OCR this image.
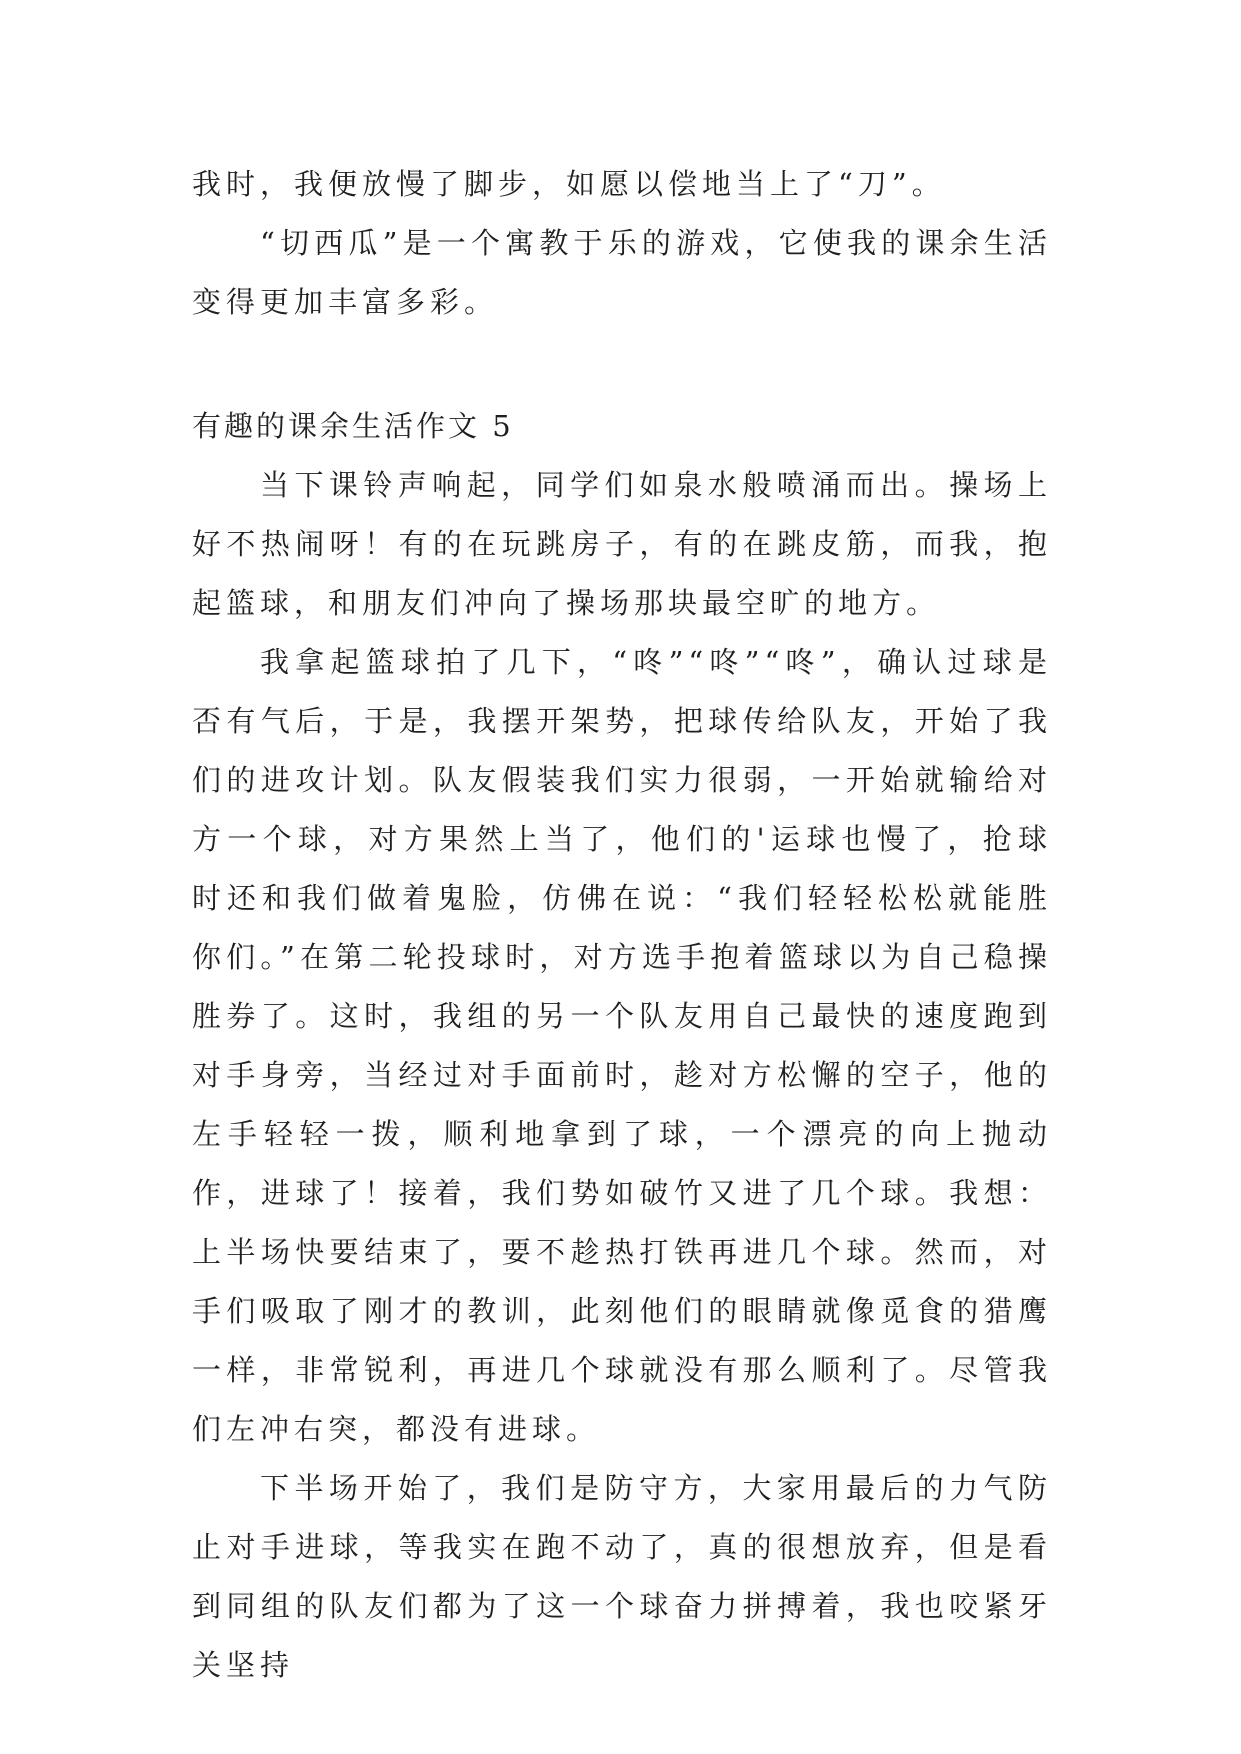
我时，我便放慢了脚步，如愿以偿地当上了“刀”。

“切西瓜”是一个寓教于乐的游戏，它使我的课余生活变得更加丰富多彩。

有趣的课余生活作文 5

当下课铃声响起，同学们如泉水般喷涌而出。操场上好不热闹呀！有的在玩跳房子，有的在跳皮筋，而我，抱起篮球，和朋友们冲向了操场那块最空旷的地方。

我拿起篮球拍了几下，“咚”“咚”“咚”，确认过球是否有气后，于是，我摆开架势，把球传给队友，开始了我们的进攻计划。队友假装我们实力很弱，一开始就输给对方一个球，对方果然上当了，他们的'运球也慢了，抢球时还和我们做着鬼脸，仿佛在说：“我们轻轻松松就能胜你们。”在第二轮投球时，对方选手抱着篮球以为自己稳操胜券了。这时，我组的另一个队友用自己最快的速度跑到对手身旁，当经过对手面前时，趁对方松懈的空子，他的左手轻轻一拨，顺利地拿到了球，一个漂亮的向上抛动作，进球了！接着，我们势如破竹又进了几个球。我想：上半场快要结束了，要不趁热打铁再进几个球。然而，对手们吸取了刚才的教训，此刻他们的眼睛就像觅食的猎鹰一样，非常锐利，再进几个球就没有那么顺利了。尽管我们左冲右突，都没有进球。

下半场开始了，我们是防守方，大家用最后的力气防止对手进球，等我实在跑不动了，真的很想放弃，但是看到同组的队友们都为了这一个球奋力拼搏着，我也咬紧牙关坚持
